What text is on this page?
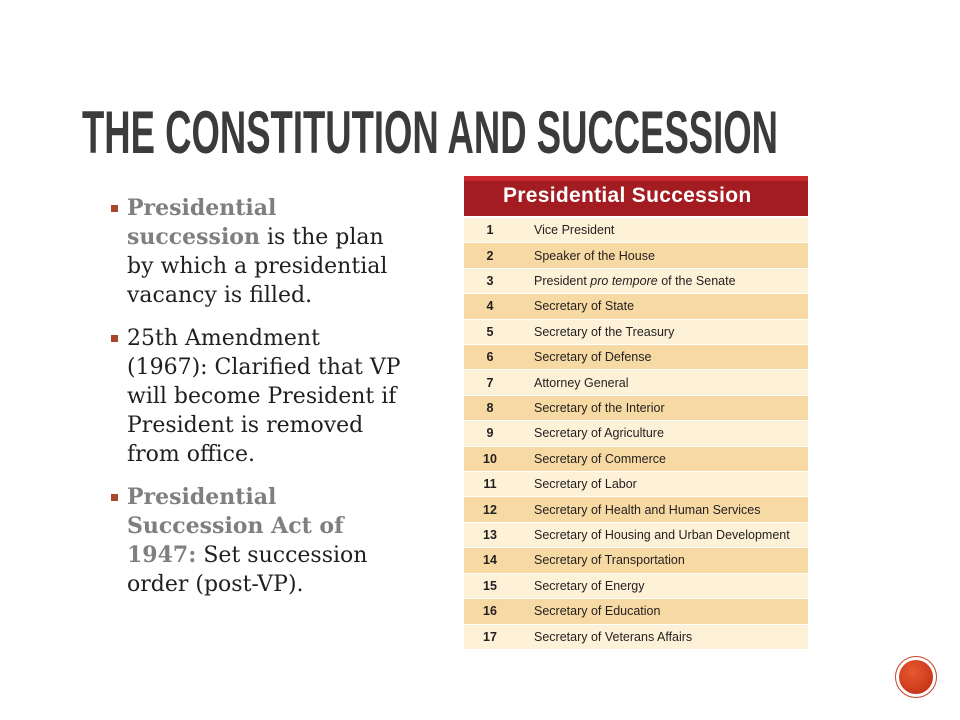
THE CONSTITUTION AND SUCCESSION
Presidential succession is the plan by which a presidential vacancy is filled.
25th Amendment
(1967): Clarified that VP will become President if President is removed from office.
Presidential Succession Act of 1947: Set succession order (post-VP).
Presidential Succession
1	Vice President
2	Speaker of the House
3	President pro tempore of the Senate
4	Secretary of State
5	Secretary of the Treasury
6	Secretary of Defense
7	Attorney General
8	Secretary of the Interior
9	Secretary of Agriculture
10	Secretary of Commerce
11	Secretary of Labor
12	Secretary of Health and Human Services
13	Secretary of Housing and Urban Development
14	Secretary of Transportation
15	Secretary of Energy
16	Secretary of Education
17	Secretary of Veterans Affairs
